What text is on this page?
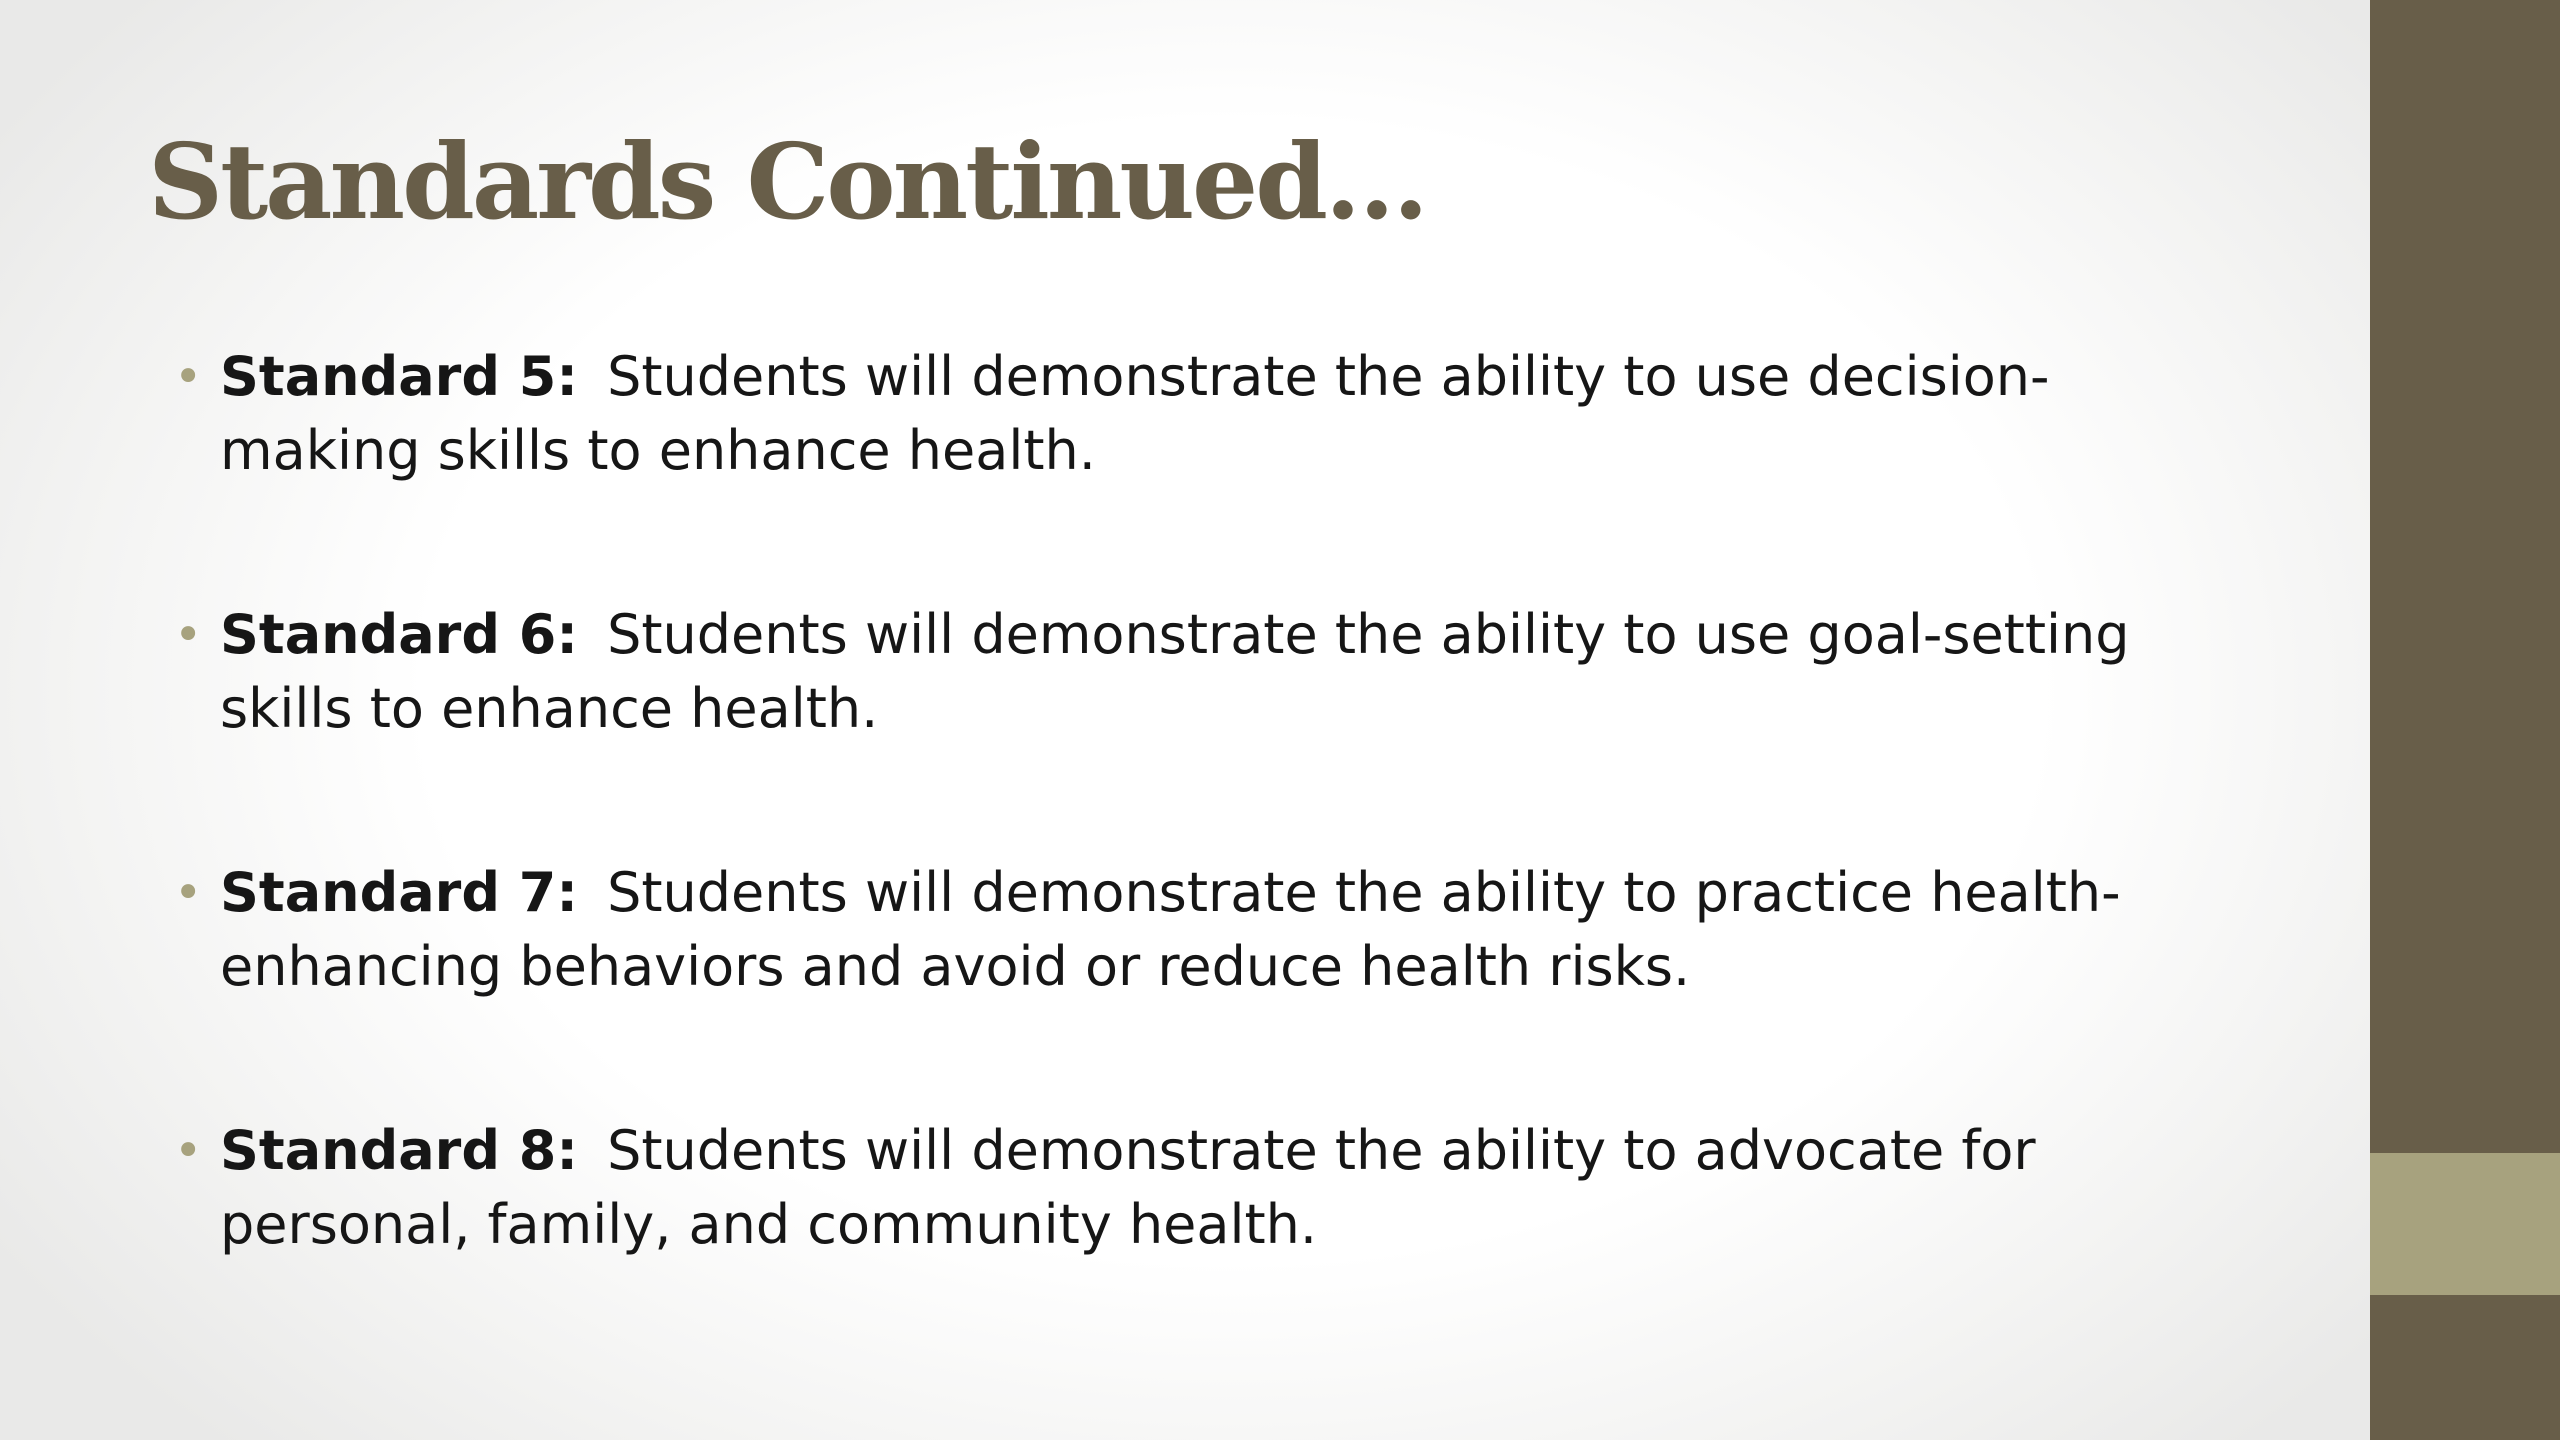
Standards Continued…
• Standard 5: Students will demonstrate the ability to use decision-making skills to enhance health.
• Standard 6: Students will demonstrate the ability to use goal-setting skills to enhance health.
• Standard 7: Students will demonstrate the ability to practice health-enhancing behaviors and avoid or reduce health risks.
• Standard 8: Students will demonstrate the ability to advocate for personal, family, and community health.
